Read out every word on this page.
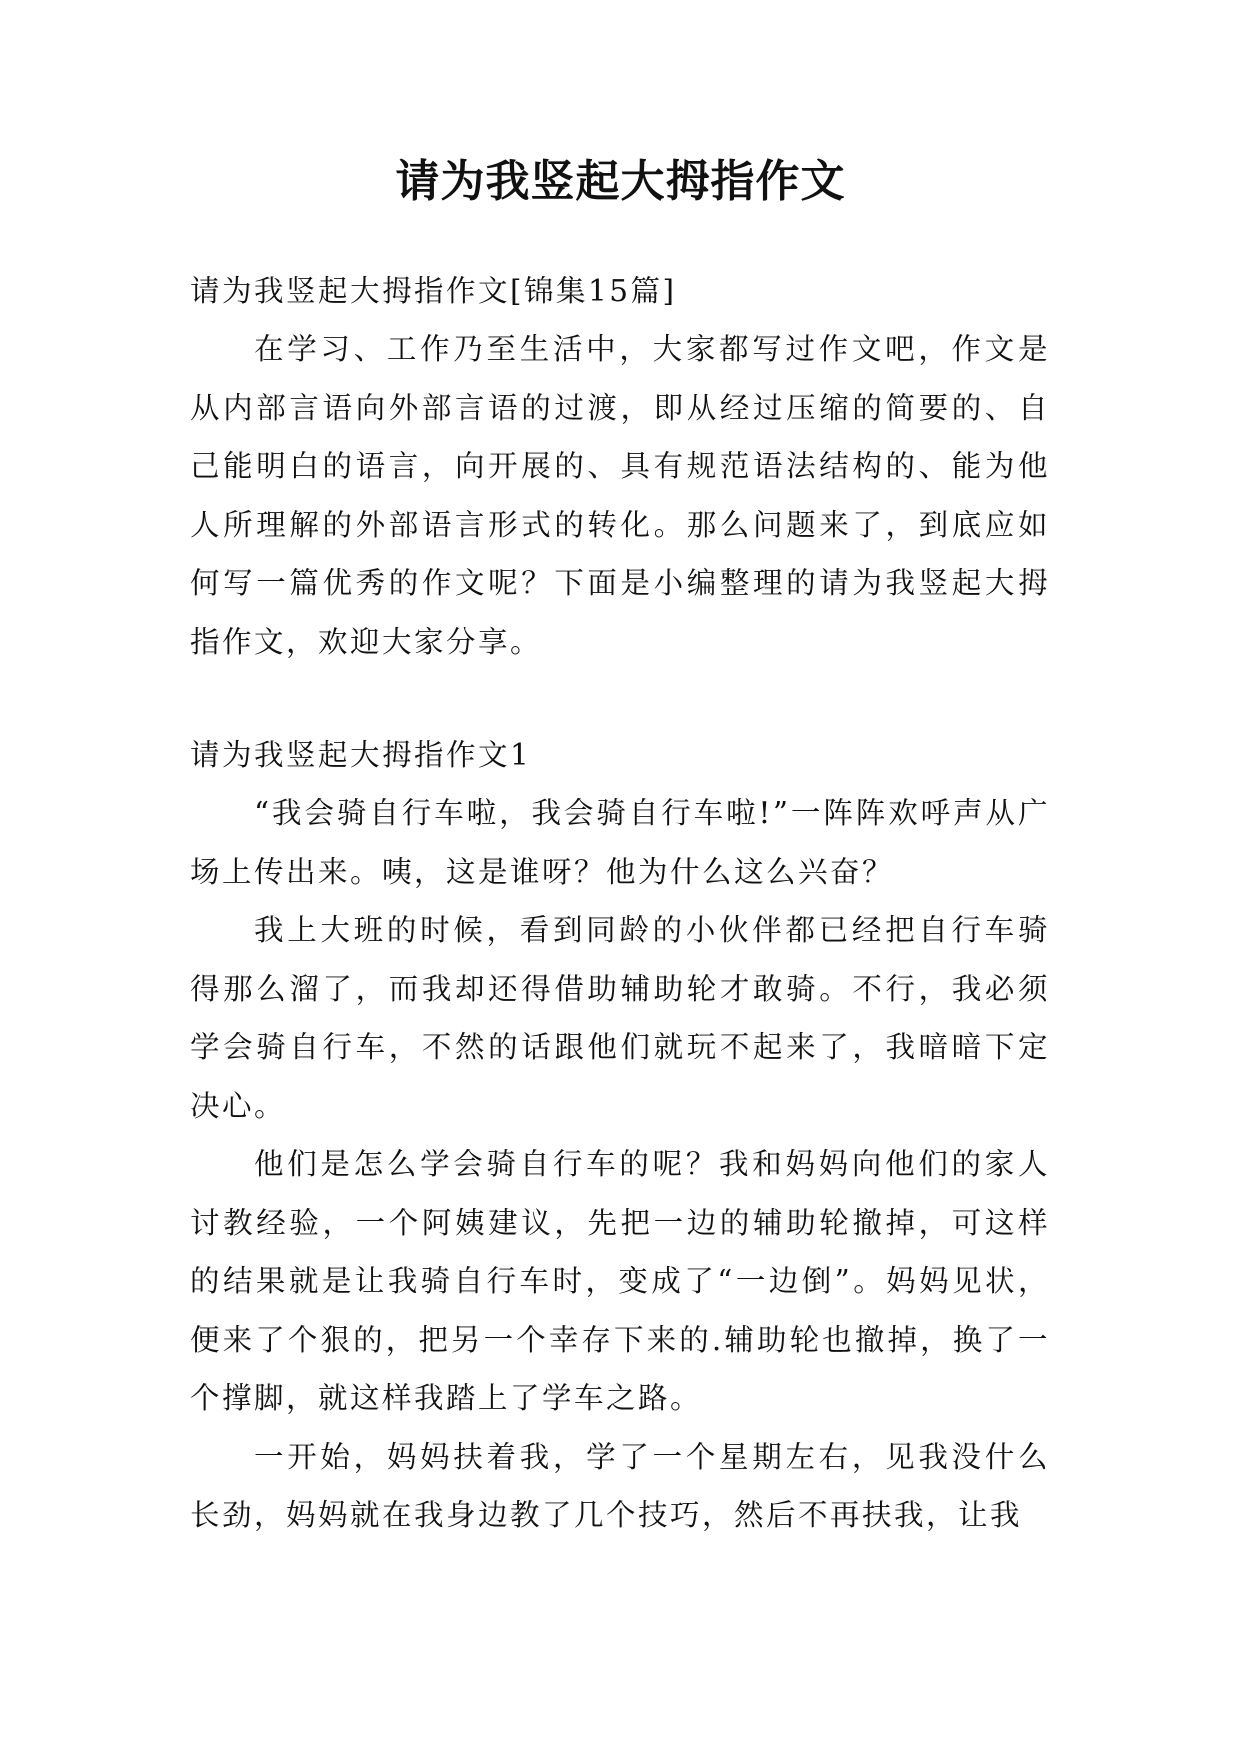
请为我竖起大拇指作文

请为我竖起大拇指作文[锦集15篇]

在学习、工作乃至生活中，大家都写过作文吧，作文是从内部言语向外部言语的过渡，即从经过压缩的简要的、自己能明白的语言，向开展的、具有规范语法结构的、能为他人所理解的外部语言形式的转化。那么问题来了，到底应如何写一篇优秀的作文呢？下面是小编整理的请为我竖起大拇指作文，欢迎大家分享。

请为我竖起大拇指作文1

“我会骑自行车啦，我会骑自行车啦!”一阵阵欢呼声从广场上传出来。咦，这是谁呀？他为什么这么兴奋？

我上大班的时候，看到同龄的小伙伴都已经把自行车骑得那么溜了，而我却还得借助辅助轮才敢骑。不行，我必须学会骑自行车，不然的话跟他们就玩不起来了，我暗暗下定决心。

他们是怎么学会骑自行车的呢？我和妈妈向他们的家人讨教经验，一个阿姨建议，先把一边的辅助轮撤掉，可这样的结果就是让我骑自行车时，变成了“一边倒”。妈妈见状，便来了个狠的，把另一个幸存下来的.辅助轮也撤掉，换了一个撑脚，就这样我踏上了学车之路。

一开始，妈妈扶着我，学了一个星期左右，见我没什么长劲，妈妈就在我身边教了几个技巧，然后不再扶我，让我
